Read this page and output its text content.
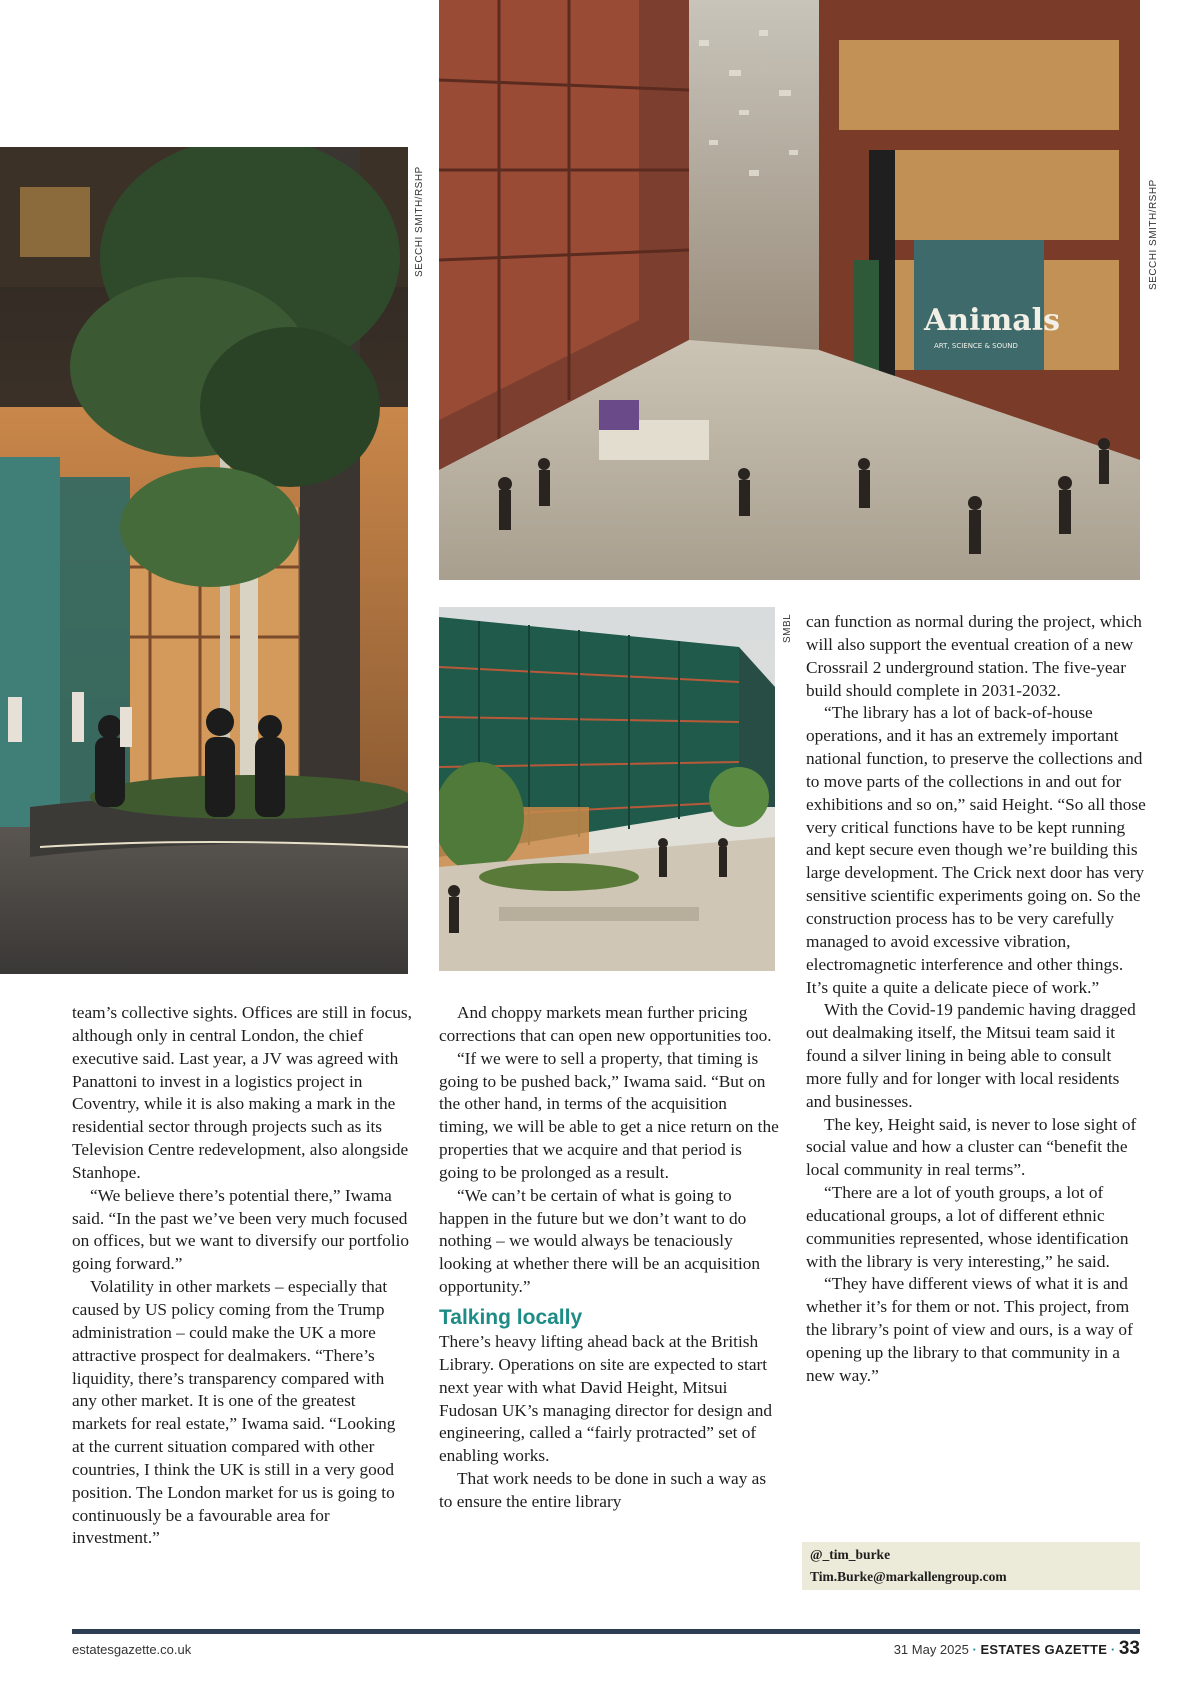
SECCHI SMITH/RSHP
Animals
ART, SCIENCE & SOUND
SECCHI SMITH/RSHP
SMBL

team’s collective sights. Offices are still in focus, although only in central London, the chief executive said. Last year, a JV was agreed with Panattoni to invest in a logistics project in Coventry, while it is also making a mark in the residential sector through projects such as its Television Centre redevelopment, also alongside Stanhope.

“We believe there’s potential there,” Iwama said. “In the past we’ve been very much focused on offices, but we want to diversify our portfolio going forward.”

Volatility in other markets – especially that caused by US policy coming from the Trump administration – could make the UK a more attractive prospect for dealmakers. “There’s liquidity, there’s transparency compared with any other market. It is one of the greatest markets for real estate,” Iwama said. “Looking at the current situation compared with other countries, I think the UK is still in a very good position. The London market for us is going to continuously be a favourable area for investment.”

And choppy markets mean further pricing corrections that can open new opportunities too.

“If we were to sell a property, that timing is going to be pushed back,” Iwama said. “But on the other hand, in terms of the acquisition timing, we will be able to get a nice return on the properties that we acquire and that period is going to be prolonged as a result.

“We can’t be certain of what is going to happen in the future but we don’t want to do nothing – we would always be tenaciously looking at whether there will be an acquisition opportunity.”

Talking locally

There’s heavy lifting ahead back at the British Library. Operations on site are expected to start next year with what David Height, Mitsui Fudosan UK’s managing director for design and engineering, called a “fairly protracted” set of enabling works.

That work needs to be done in such a way as to ensure the entire library

can function as normal during the project, which will also support the eventual creation of a new Crossrail 2 underground station. The five-year build should complete in 2031-2032.

“The library has a lot of back-of-house operations, and it has an extremely important national function, to preserve the collections and to move parts of the collections in and out for exhibitions and so on,” said Height. “So all those very critical functions have to be kept running and kept secure even though we’re building this large development. The Crick next door has very sensitive scientific experiments going on. So the construction process has to be very carefully managed to avoid excessive vibration, electromagnetic interference and other things. It’s quite a quite a delicate piece of work.”

With the Covid-19 pandemic having dragged out dealmaking itself, the Mitsui team said it found a silver lining in being able to consult more fully and for longer with local residents and businesses.

The key, Height said, is never to lose sight of social value and how a cluster can “benefit the local community in real terms”.

“There are a lot of youth groups, a lot of educational groups, a lot of different ethnic communities represented, whose identification with the library is very interesting,” he said.

“They have different views of what it is and whether it’s for them or not. This project, from the library’s point of view and ours, is a way of opening up the library to that community in a new way.”

@_tim_burke
Tim.Burke@markallengroup.com
estatesgazette.co.uk	31 May 2025 · ESTATES GAZETTE · 33
